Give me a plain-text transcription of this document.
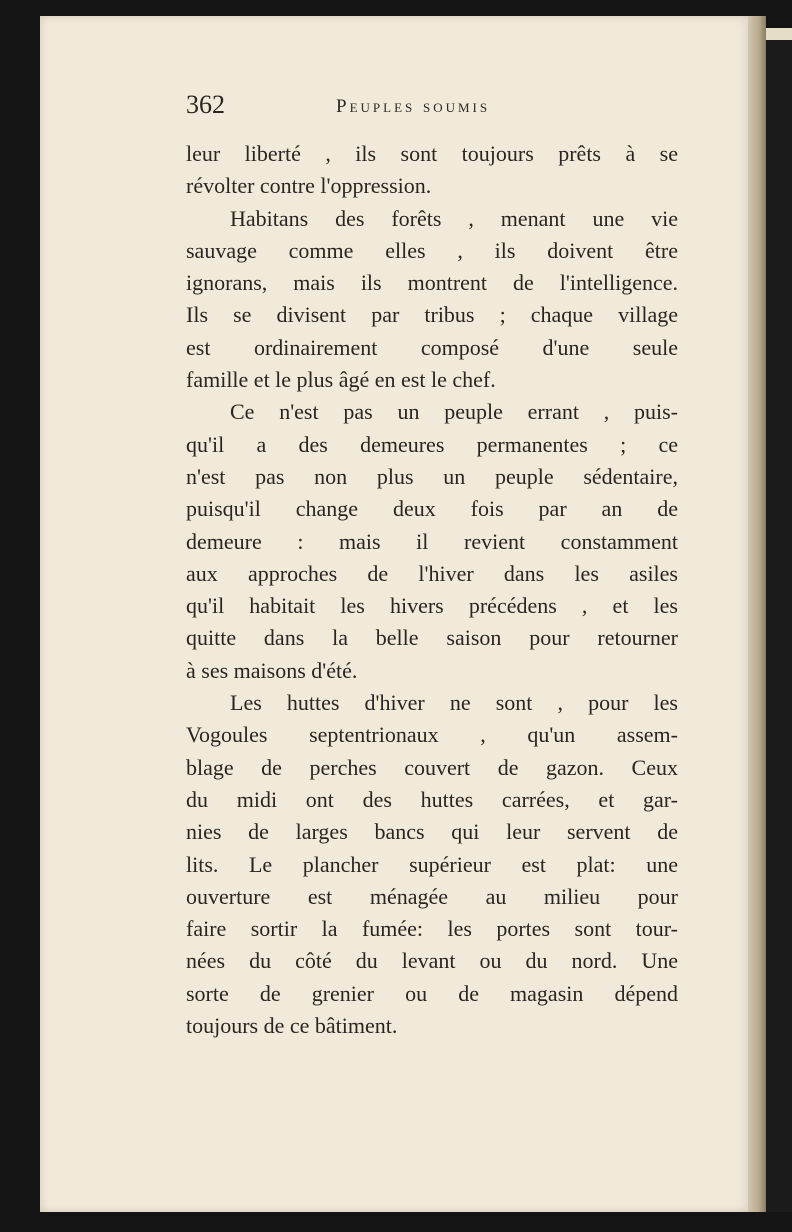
362	Peuples soumis
leur liberté , ils sont toujours prêts à se
révolter contre l'oppression.
Habitans des forêts , menant une vie
sauvage comme elles , ils doivent être
ignorans, mais ils montrent de l'intelligence.
Ils se divisent par tribus ; chaque village
est ordinairement composé d'une seule
famille et le plus âgé en est le chef.
Ce n'est pas un peuple errant , puis-
qu'il a des demeures permanentes ; ce
n'est pas non plus un peuple sédentaire,
puisqu'il change deux fois par an de
demeure : mais il revient constamment
aux approches de l'hiver dans les asiles
qu'il habitait les hivers précédens , et les
quitte dans la belle saison pour retourner
à ses maisons d'été.
Les huttes d'hiver ne sont , pour les
Vogoules septentrionaux , qu'un assem-
blage de perches couvert de gazon. Ceux
du midi ont des huttes carrées, et gar-
nies de larges bancs qui leur servent de
lits. Le plancher supérieur est plat: une
ouverture est ménagée au milieu pour
faire sortir la fumée: les portes sont tour-
nées du côté du levant ou du nord. Une
sorte de grenier ou de magasin dépend
toujours de ce bâtiment.
